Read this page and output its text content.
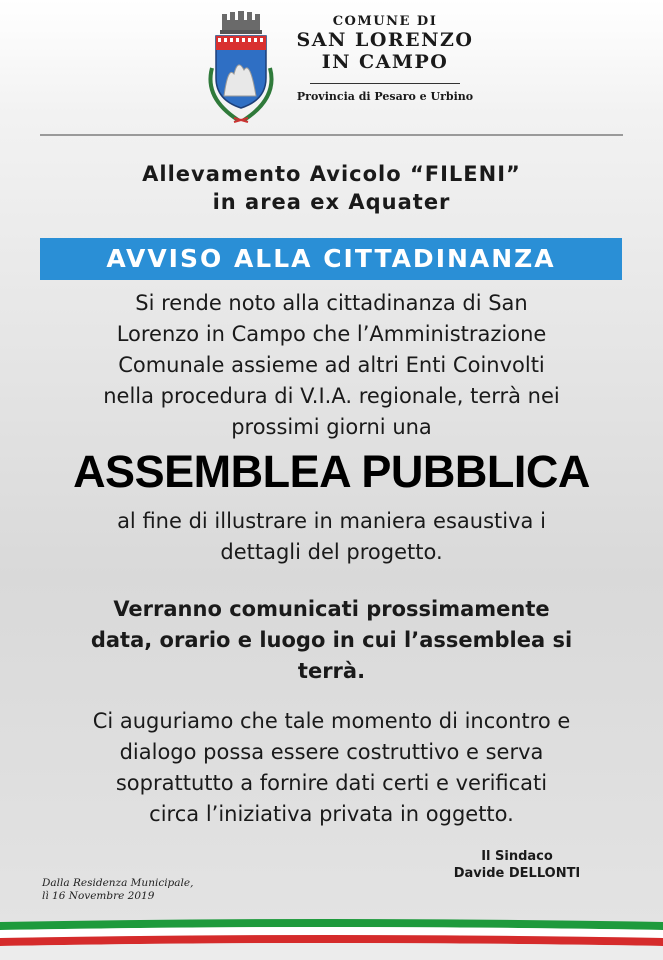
COMUNE DI
SAN LORENZO
IN CAMPO
Provincia di Pesaro e Urbino
Allevamento Avicolo “FILENI”
in area ex Aquater
AVVISO ALLA CITTADINANZA
Si rende noto alla cittadinanza di San
Lorenzo in Campo che l’Amministrazione
Comunale assieme ad altri Enti Coinvolti
nella procedura di V.I.A. regionale, terrà nei
prossimi giorni una
ASSEMBLEA PUBBLICA
al fine di illustrare in maniera esaustiva i
dettagli del progetto.
Verranno comunicati prossimamente
data, orario e luogo in cui l’assemblea si
terrà.
Ci auguriamo che tale momento di incontro e
dialogo possa essere costruttivo e serva
soprattutto a fornire dati certi e verificati
circa l’iniziativa privata in oggetto.
Il Sindaco
Davide DELLONTI
Dalla Residenza Municipale,
lì 16 Novembre 2019
